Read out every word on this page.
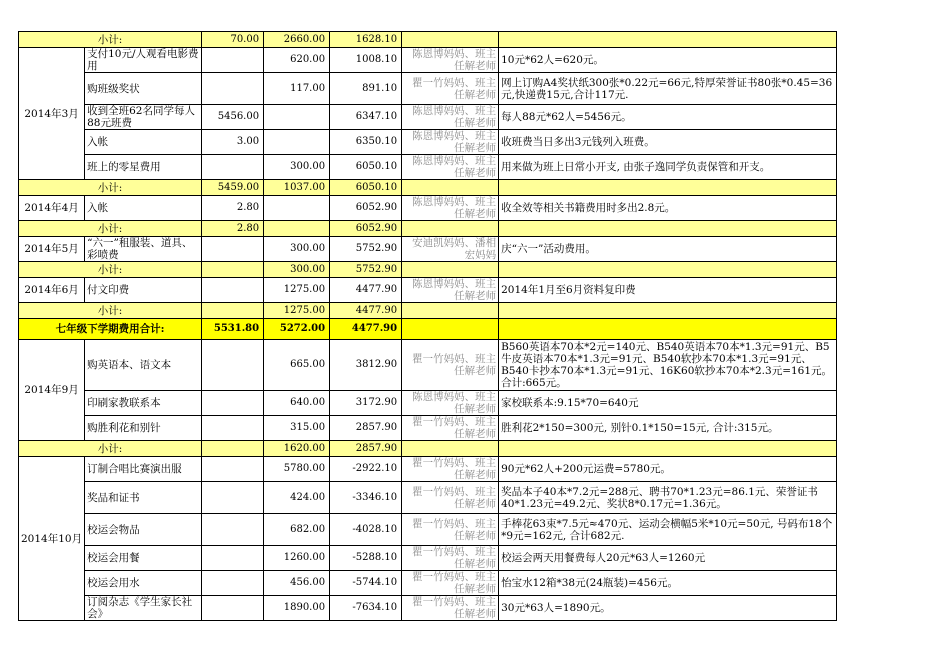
小计:		70.00	2660.00	1628.10		
2014年3月	支付10元/人观看电影费用		620.00	1008.10	陈恩博妈妈、班主任解老师	10元*62人=620元。
	购班级奖状		117.00	891.10	瞿一竹妈妈、班主任解老师	网上订购A4奖状纸300张*0.22元=66元,特厚荣誉证书80张*0.45=36元,快递费15元,合计117元.
	收到全班62名同学每人88元班费	5456.00		6347.10	陈恩博妈妈、班主任解老师	每人88元*62人=5456元。
	入帐	3.00		6350.10	陈恩博妈妈、班主任解老师	收班费当日多出3元钱列入班费。
	班上的零星费用		300.00	6050.10	陈恩博妈妈、班主任解老师	用来做为班上日常小开支, 由张子逸同学负责保管和开支。
小计:		5459.00	1037.00	6050.10		
2014年4月	入帐	2.80		6052.90	陈恩博妈妈、班主任解老师	收全效等相关书籍费用时多出2.8元。
小计:		2.80		6052.90		
2014年5月	“六一”租服装、道具、彩喷费		300.00	5752.90	安迪凯妈妈、潘相宏妈妈	庆“六一”活动费用。
小计:			300.00	5752.90		
2014年6月	付文印费		1275.00	4477.90	陈恩博妈妈、班主任解老师	2014年1月至6月资料复印费
小计:			1275.00	4477.90		
七年级下学期费用合计:		5531.80	5272.00	4477.90		
2014年9月	购英语本、语文本		665.00	3812.90	瞿一竹妈妈、班主任解老师	B560英语本70本*2元=140元、B540英语本70本*1.3元=91元、B5牛皮英语本70本*1.3元=91元、B540软抄本70本*1.3元=91元、B540卡抄本70本*1.3元=91元、16K60软抄本70本*2.3元=161元。合计:665元。
	印刷家教联系本		640.00	3172.90	陈恩博妈妈、班主任解老师	家校联系本:9.15*70=640元
	购胜利花和别针		315.00	2857.90	瞿一竹妈妈、班主任解老师	胜利花2*150=300元, 别针0.1*150=15元, 合计:315元。
小计:			1620.00	2857.90		
2014年10月	订制合唱比赛演出服		5780.00	-2922.10	瞿一竹妈妈、班主任解老师	90元*62人+200元运费=5780元。
	奖品和证书		424.00	-3346.10	瞿一竹妈妈、班主任解老师	奖品本子40本*7.2元=288元、聘书70*1.23元=86.1元、荣誉证书40*1.23元=49.2元、奖状8*0.17元=1.36元。
	校运会物品		682.00	-4028.10	瞿一竹妈妈、班主任解老师	手棒花63束*7.5元≈470元、运动会横幅5米*10元=50元, 号码布18个*9元=162元, 合计682元.
	校运会用餐		1260.00	-5288.10	瞿一竹妈妈、班主任解老师	校运会两天用餐费每人20元*63人=1260元
	校运会用水		456.00	-5744.10	瞿一竹妈妈、班主任解老师	怡宝水12箱*38元(24瓶装)=456元。
	订阅杂志《学生家长社会》		1890.00	-7634.10	瞿一竹妈妈、班主任解老师	30元*63人=1890元。
